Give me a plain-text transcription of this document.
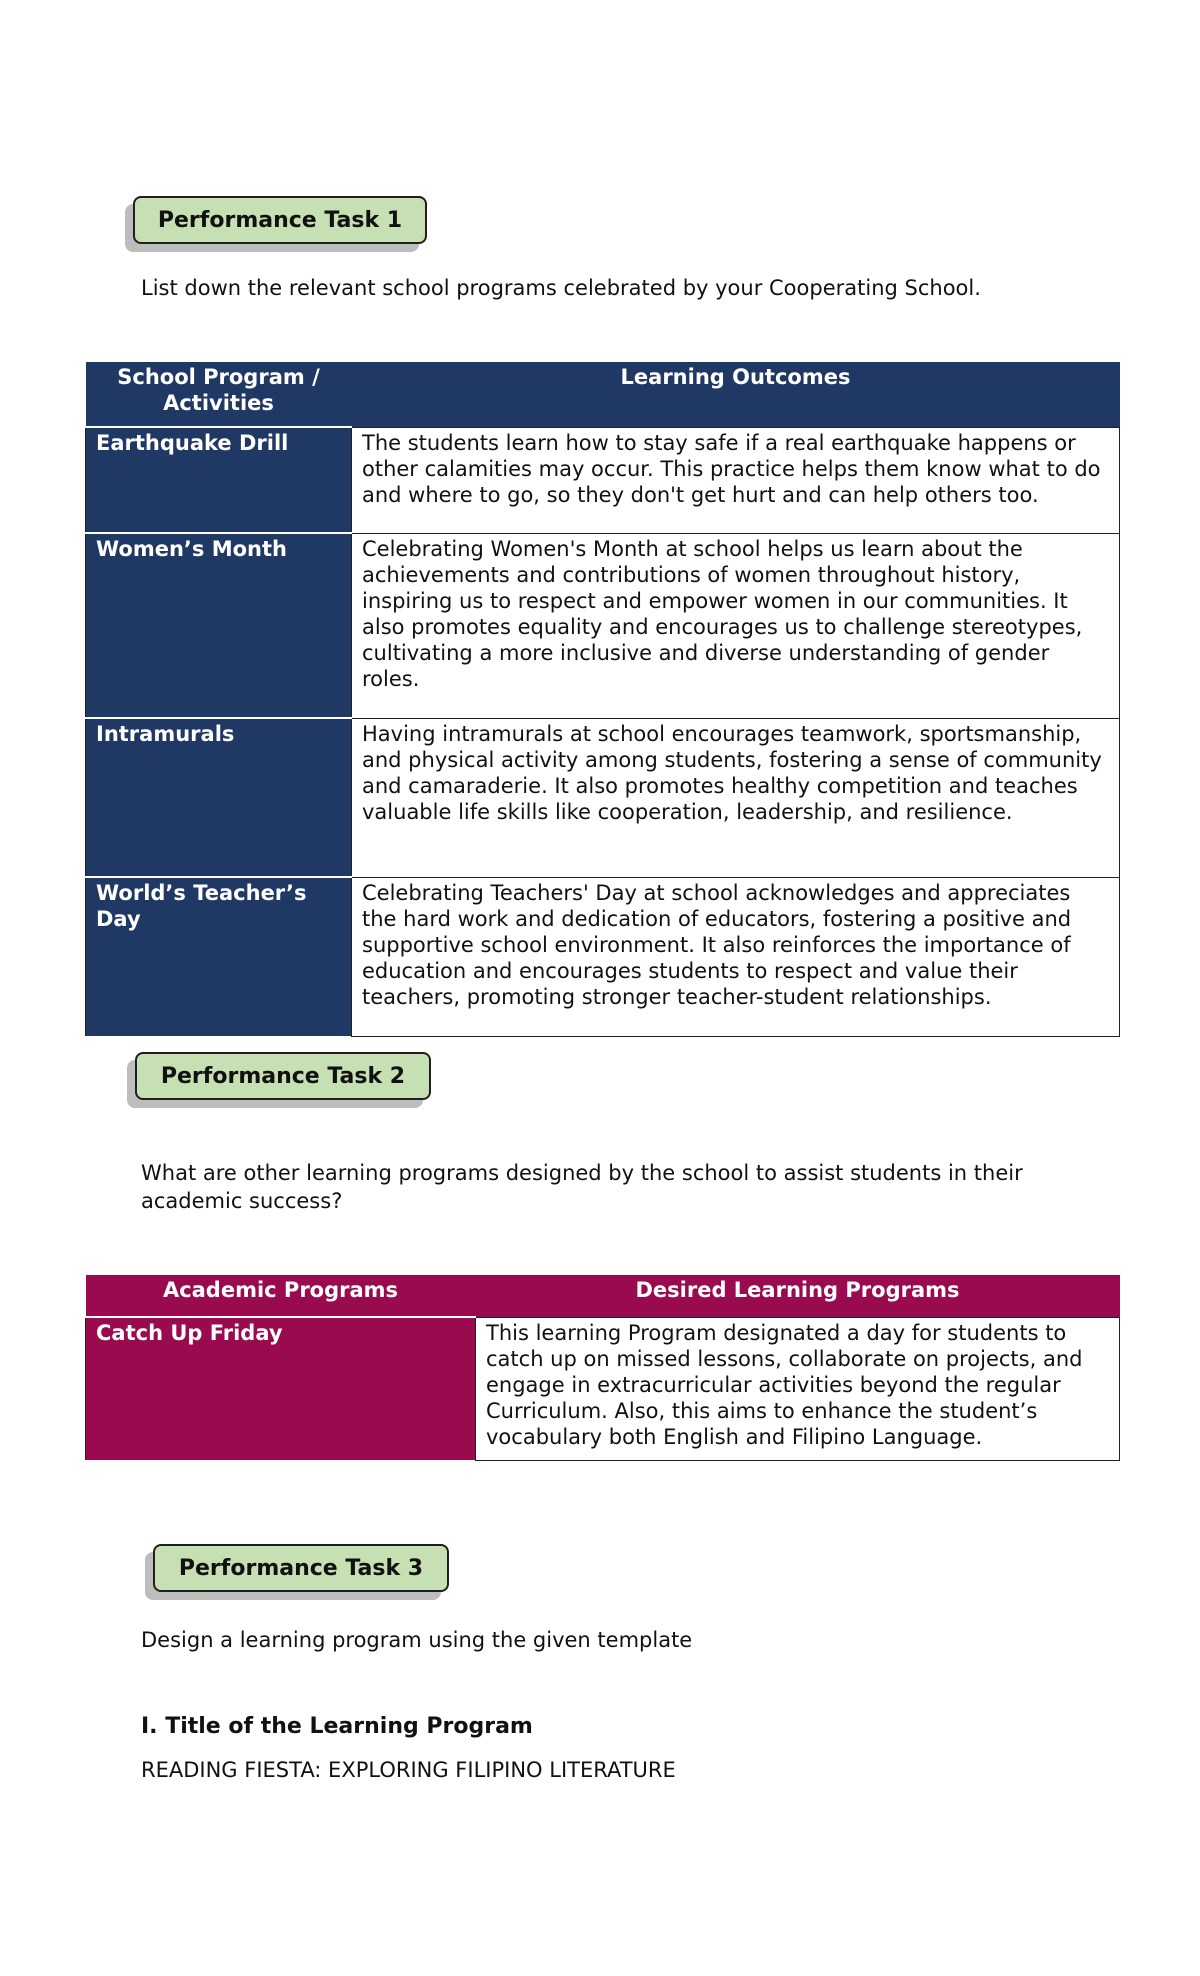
Performance Task 1
List down the relevant school programs celebrated by your Cooperating School.
School Program / Activities	Learning Outcomes
Earthquake Drill	The students learn how to stay safe if a real earthquake happens or other calamities may occur. This practice helps them know what to do and where to go, so they don't get hurt and can help others too.
Women’s Month	Celebrating Women's Month at school helps us learn about the achievements and contributions of women throughout history, inspiring us to respect and empower women in our communities. It also promotes equality and encourages us to challenge stereotypes, cultivating a more inclusive and diverse understanding of gender roles.
Intramurals	Having intramurals at school encourages teamwork, sportsmanship, and physical activity among students, fostering a sense of community and camaraderie. It also promotes healthy competition and teaches valuable life skills like cooperation, leadership, and resilience.
World’s Teacher’s Day	Celebrating Teachers' Day at school acknowledges and appreciates the hard work and dedication of educators, fostering a positive and supportive school environment. It also reinforces the importance of education and encourages students to respect and value their teachers, promoting stronger teacher-student relationships.
Performance Task 2
What are other learning programs designed by the school to assist students in their academic success?
Academic Programs	Desired Learning Programs
Catch Up Friday	This learning Program designated a day for students to catch up on missed lessons, collaborate on projects, and engage in extracurricular activities beyond the regular Curriculum. Also, this aims to enhance the student’s vocabulary both English and Filipino Language.
Performance Task 3
Design a learning program using the given template
I. Title of the Learning Program
READING FIESTA: EXPLORING FILIPINO LITERATURE
